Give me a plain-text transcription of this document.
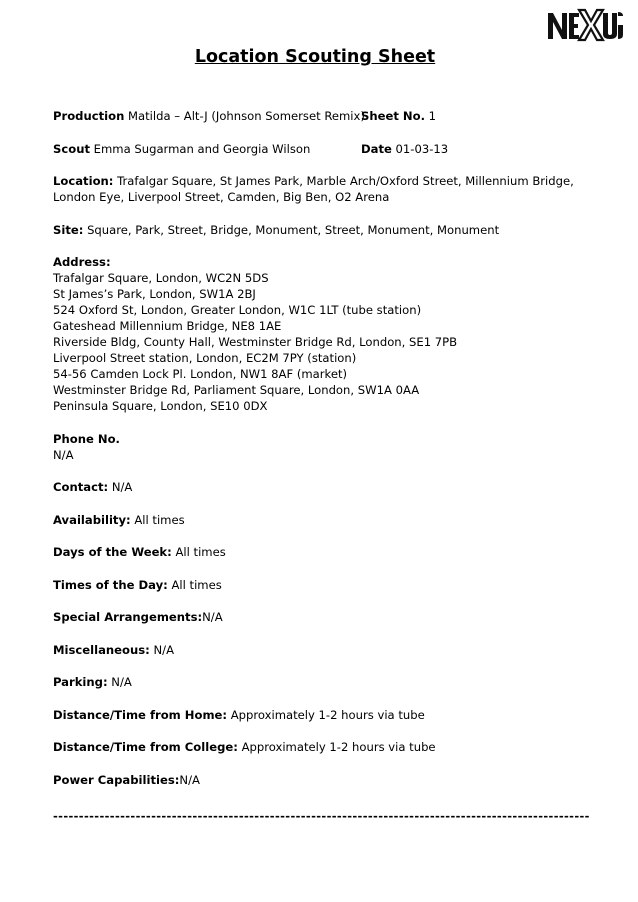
Location Scouting Sheet
Production Matilda – Alt-J (Johnson Somerset Remix)
Sheet No. 1
Scout Emma Sugarman and Georgia Wilson	Date 01-03-13

Location: Trafalgar Square, St James Park, Marble Arch/Oxford Street, Millennium Bridge, London Eye, Liverpool Street, Camden, Big Ben, O2 Arena

Site: Square, Park, Street, Bridge, Monument, Street, Monument, Monument

Address:
Trafalgar Square, London, WC2N 5DS
St James’s Park, London, SW1A 2BJ
524 Oxford St, London, Greater London, W1C 1LT (tube station)
Gateshead Millennium Bridge, NE8 1AE
Riverside Bldg, County Hall, Westminster Bridge Rd, London, SE1 7PB
Liverpool Street station, London, EC2M 7PY (station)
54-56 Camden Lock Pl. London, NW1 8AF (market)
Westminster Bridge Rd, Parliament Square, London, SW1A 0AA
Peninsula Square, London, SE10 0DX
Phone No.
N/A

Contact: N/A

Availability: All times

Days of the Week: All times

Times of the Day: All times

Special Arrangements:N/A

Miscellaneous: N/A

Parking: N/A

Distance/Time from Home: Approximately 1-2 hours via tube

Distance/Time from College: Approximately 1-2 hours via tube

Power Capabilities:N/A

--------------------------------------------------------------------------------------------------------
